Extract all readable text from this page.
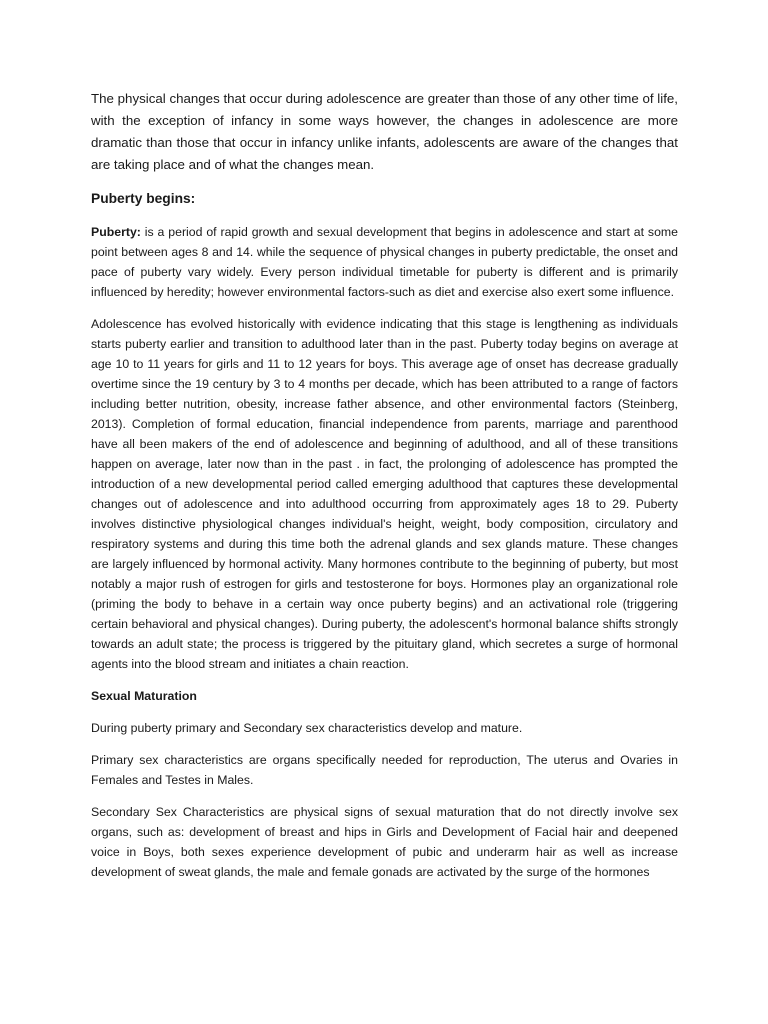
The physical changes that occur during adolescence are greater than those of any other time of life, with the exception of infancy in some ways however, the changes in adolescence are more dramatic than those that occur in infancy unlike infants, adolescents are aware of the changes that are taking place and of what the changes mean.

Puberty begins:

Puberty: is a period of rapid growth and sexual development that begins in adolescence and start at some point between ages 8 and 14. while the sequence of physical changes in puberty predictable, the onset and pace of puberty vary widely. Every person individual timetable for puberty is different and is primarily influenced by heredity; however environmental factors-such as diet and exercise also exert some influence.

Adolescence has evolved historically with evidence indicating that this stage is lengthening as individuals starts puberty earlier and transition to adulthood later than in the past. Puberty today begins on average at age 10 to 11 years for girls and 11 to 12 years for boys. This average age of onset has decrease gradually overtime since the 19 century by 3 to 4 months per decade, which has been attributed to a range of factors including better nutrition, obesity, increase father absence, and other environmental factors (Steinberg, 2013). Completion of formal education, financial independence from parents, marriage and parenthood have all been makers of the end of adolescence and beginning of adulthood, and all of these transitions happen on average, later now than in the past . in fact, the prolonging of adolescence has prompted the introduction of a new developmental period called emerging adulthood that captures these developmental changes out of adolescence and into adulthood occurring from approximately ages 18 to 29. Puberty involves distinctive physiological changes individual's height, weight, body composition, circulatory and respiratory systems and during this time both the adrenal glands and sex glands mature. These changes are largely influenced by hormonal activity. Many hormones contribute to the beginning of puberty, but most notably a major rush of estrogen for girls and testosterone for boys. Hormones play an organizational role (priming the body to behave in a certain way once puberty begins) and an activational role (triggering certain behavioral and physical changes). During puberty, the adolescent's hormonal balance shifts strongly towards an adult state; the process is triggered by the pituitary gland, which secretes a surge of hormonal agents into the blood stream and initiates a chain reaction.

Sexual Maturation

During puberty primary and Secondary sex characteristics develop and mature.

Primary sex characteristics are organs specifically needed for reproduction, The uterus and Ovaries in Females and Testes in Males.

Secondary Sex Characteristics are physical signs of sexual maturation that do not directly involve sex organs, such as: development of breast and hips in Girls and Development of Facial hair and deepened voice in Boys, both sexes experience development of pubic and underarm hair as well as increase development of sweat glands, the male and female gonads are activated by the surge of the hormones
